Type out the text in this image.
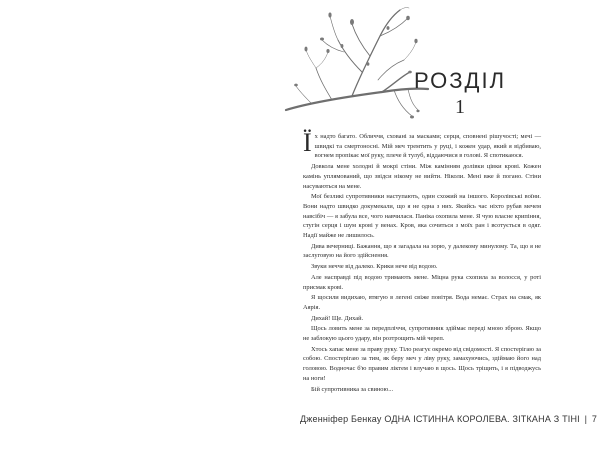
РОЗДІЛ
1

Їх надто багато. Обличчя, сховані за масками; серця, сповнені рішучості; мечі — швидкі та смертоносні. Мій меч тремтить у руці, і кожен удар, який я відбиваю, вогнем пропікає мої руку, плече й тулуб, віддаючися в голові. Я спотикаюся.

Довкола мене холодні й мокрі стіни. Між камінням долівки цівки крові. Кожен камінь уплямований, що звідси нікому не вийти. Ніколи. Мені вже й погано. Стіни насуваються на мене.

Мої безликі супротивники наступають, один схожий на іншого. Королівські воїни. Вони надто швидко докумекали, що я не одна з них. Якийсь час ніхто рубав мечем навсібіч — я забула все, чого навчилася. Паніка охопила мене. Я чую власне крипіння, стугін серця і шум крові у венах. Кров, яка сочиться з моїх ран і всотується в одяг. Надії майже не лишилось.

Дива вечерниці. Бажання, що я загадала на зорю, у далекому минулому. Та, що я не заслуговую на його здійснення.

Звуки нечче від далеко. Крики нече від водою.

Але насправді під водою тримають мене. Міцна рука схопила за волосся, у роті присмак крові.

Я щосили видихаю, втягую в легені свіже повітря. Вода немає. Страх на смак, як Аярія.

Дихай! Ще. Дихай.

Щось ловить мене за передпліччя, супротивник здіймає переді мною зброю. Якщо не заблокую цього удару, він розтрощить мій череп.

Хтось хапає мене за праву руку. Тіло реагує окремо від свідомості. Я спостерігаю за собою. Спостерігаю за тим, як беру меч у ліву руку, замахуючись, здіймаю його над головою. Водночас б'ю правим ліктем і влучаю в щось. Щось тріщить, і я підводжусь на ноги!

Бій супротивника за свиною...

Дженніфер Бенкау ОДНА ІСТИННА КОРОЛЕВА. ЗІТКАНА З ТІНІ | 7
